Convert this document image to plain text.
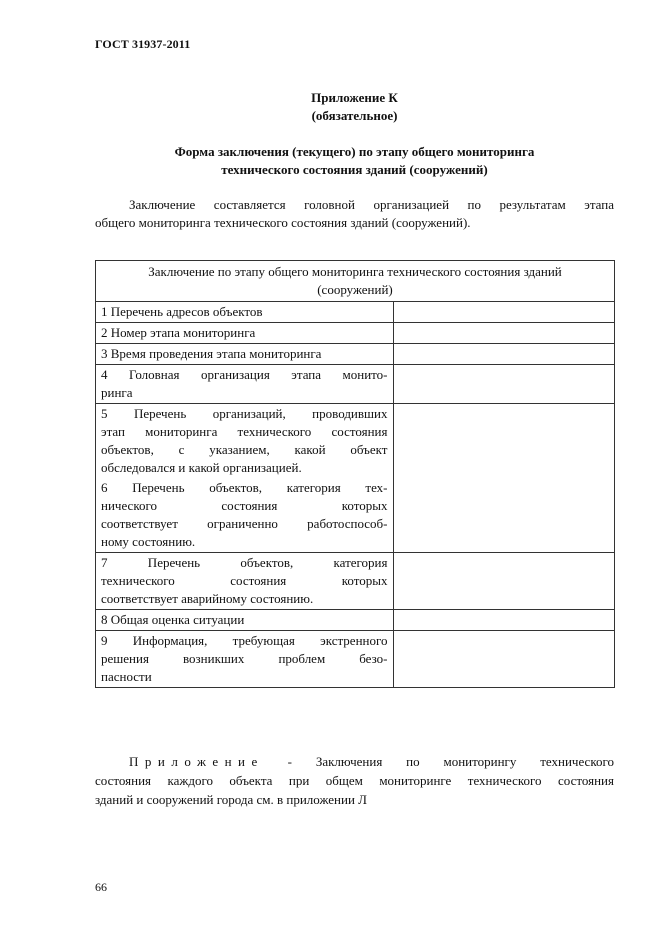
ГОСТ 31937-2011
Приложение К
(обязательное)
Форма заключения (текущего) по этапу общего мониторинга
технического состояния зданий (сооружений)
Заключение составляется головной организацией по результатам этапа
общего мониторинга технического состояния зданий (сооружений).
Заключение по этапу общего мониторинга технического состояния зданий
(сооружений)	

1 Перечень адресов объектов	

2 Номер этапа мониторинга	

3 Время проведения этапа мониторинга	

4 Головная организация этапа монито-
ринга	

5 Перечень организаций, проводивших
этап мониторинга технического состояния
объектов, с указанием, какой объект
обследовался и какой организацией.	

6 Перечень объектов, категория тех-
нического состояния которых
соответствует ограниченно работоспособ-
ному состоянию.	

7 Перечень объектов, категория
технического состояния которых
соответствует аварийному состоянию.	

8 Общая оценка ситуации	

9 Информация, требующая экстренного
решения возникших проблем безо-
пасности	

Приложение - Заключения по мониторингу технического
состояния каждого объекта при общем мониторинге технического состояния
зданий и сооружений города см. в приложении Л
66
